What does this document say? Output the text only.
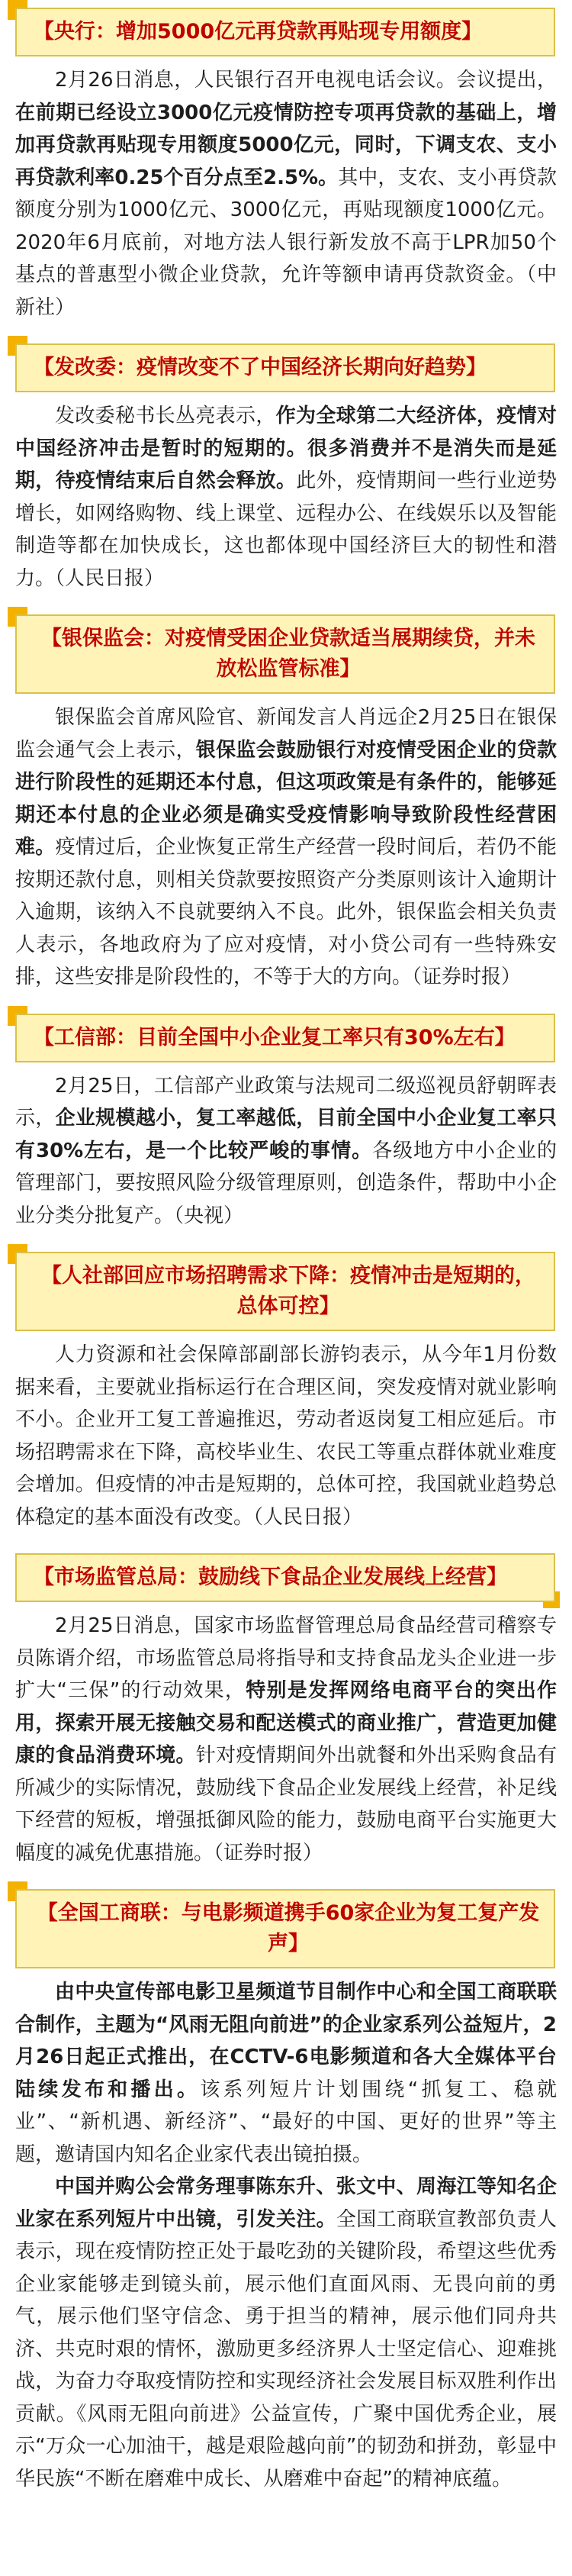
【央行：增加5000亿元再贷款再贴现专用额度】

2月26日消息，人民银行召开电视电话会议。会议提出，在前期已经设立3000亿元疫情防控专项再贷款的基础上，增加再贷款再贴现专用额度5000亿元，同时，下调支农、支小再贷款利率0.25个百分点至2.5%。其中，支农、支小再贷款额度分别为1000亿元、3000亿元，再贴现额度1000亿元。2020年6月底前，对地方法人银行新发放不高于LPR加50个基点的普惠型小微企业贷款，允许等额申请再贷款资金。（中新社）

【发改委：疫情改变不了中国经济长期向好趋势】

发改委秘书长丛亮表示，作为全球第二大经济体，疫情对中国经济冲击是暂时的短期的。很多消费并不是消失而是延期，待疫情结束后自然会释放。此外，疫情期间一些行业逆势增长，如网络购物、线上课堂、远程办公、在线娱乐以及智能制造等都在加快成长，这也都体现中国经济巨大的韧性和潜力。（人民日报）

【银保监会：对疫情受困企业贷款适当展期续贷，并未放松监管标准】

银保监会首席风险官、新闻发言人肖远企2月25日在银保监会通气会上表示，银保监会鼓励银行对疫情受困企业的贷款进行阶段性的延期还本付息，但这项政策是有条件的，能够延期还本付息的企业必须是确实受疫情影响导致阶段性经营困难。疫情过后，企业恢复正常生产经营一段时间后，若仍不能按期还款付息，则相关贷款要按照资产分类原则该计入逾期计入逾期，该纳入不良就要纳入不良。此外，银保监会相关负责人表示，各地政府为了应对疫情，对小贷公司有一些特殊安排，这些安排是阶段性的，不等于大的方向。（证券时报）

【工信部：目前全国中小企业复工率只有30%左右】

2月25日，工信部产业政策与法规司二级巡视员舒朝晖表示，企业规模越小，复工率越低，目前全国中小企业复工率只有30%左右，是一个比较严峻的事情。各级地方中小企业的管理部门，要按照风险分级管理原则，创造条件，帮助中小企业分类分批复产。（央视）

【人社部回应市场招聘需求下降：疫情冲击是短期的，总体可控】

人力资源和社会保障部副部长游钧表示，从今年1月份数据来看，主要就业指标运行在合理区间，突发疫情对就业影响不小。企业开工复工普遍推迟，劳动者返岗复工相应延后。市场招聘需求在下降，高校毕业生、农民工等重点群体就业难度会增加。但疫情的冲击是短期的，总体可控，我国就业趋势总体稳定的基本面没有改变。（人民日报）

【市场监管总局：鼓励线下食品企业发展线上经营】

2月25日消息，国家市场监督管理总局食品经营司稽察专员陈谞介绍，市场监管总局将指导和支持食品龙头企业进一步扩大“三保”的行动效果，特别是发挥网络电商平台的突出作用，探索开展无接触交易和配送模式的商业推广，营造更加健康的食品消费环境。针对疫情期间外出就餐和外出采购食品有所减少的实际情况，鼓励线下食品企业发展线上经营，补足线下经营的短板，增强抵御风险的能力，鼓励电商平台实施更大幅度的减免优惠措施。（证券时报）

【全国工商联：与电影频道携手60家企业为复工复产发声】

由中央宣传部电影卫星频道节目制作中心和全国工商联联合制作，主题为“风雨无阻向前进”的企业家系列公益短片，2月26日起正式推出，在CCTV-6电影频道和各大全媒体平台陆续发布和播出。该系列短片计划围绕“抓复工、稳就业”、“新机遇、新经济”、“最好的中国、更好的世界”等主题，邀请国内知名企业家代表出镜拍摄。

中国并购公会常务理事陈东升、张文中、周海江等知名企业家在系列短片中出镜，引发关注。全国工商联宣教部负责人表示，现在疫情防控正处于最吃劲的关键阶段，希望这些优秀企业家能够走到镜头前，展示他们直面风雨、无畏向前的勇气，展示他们坚守信念、勇于担当的精神，展示他们同舟共济、共克时艰的情怀，激励更多经济界人士坚定信心、迎难挑战，为奋力夺取疫情防控和实现经济社会发展目标双胜利作出贡献。《风雨无阻向前进》公益宣传，广聚中国优秀企业，展示“万众一心加油干，越是艰险越向前”的韧劲和拼劲，彰显中华民族“不断在磨难中成长、从磨难中奋起”的精神底蕴。
